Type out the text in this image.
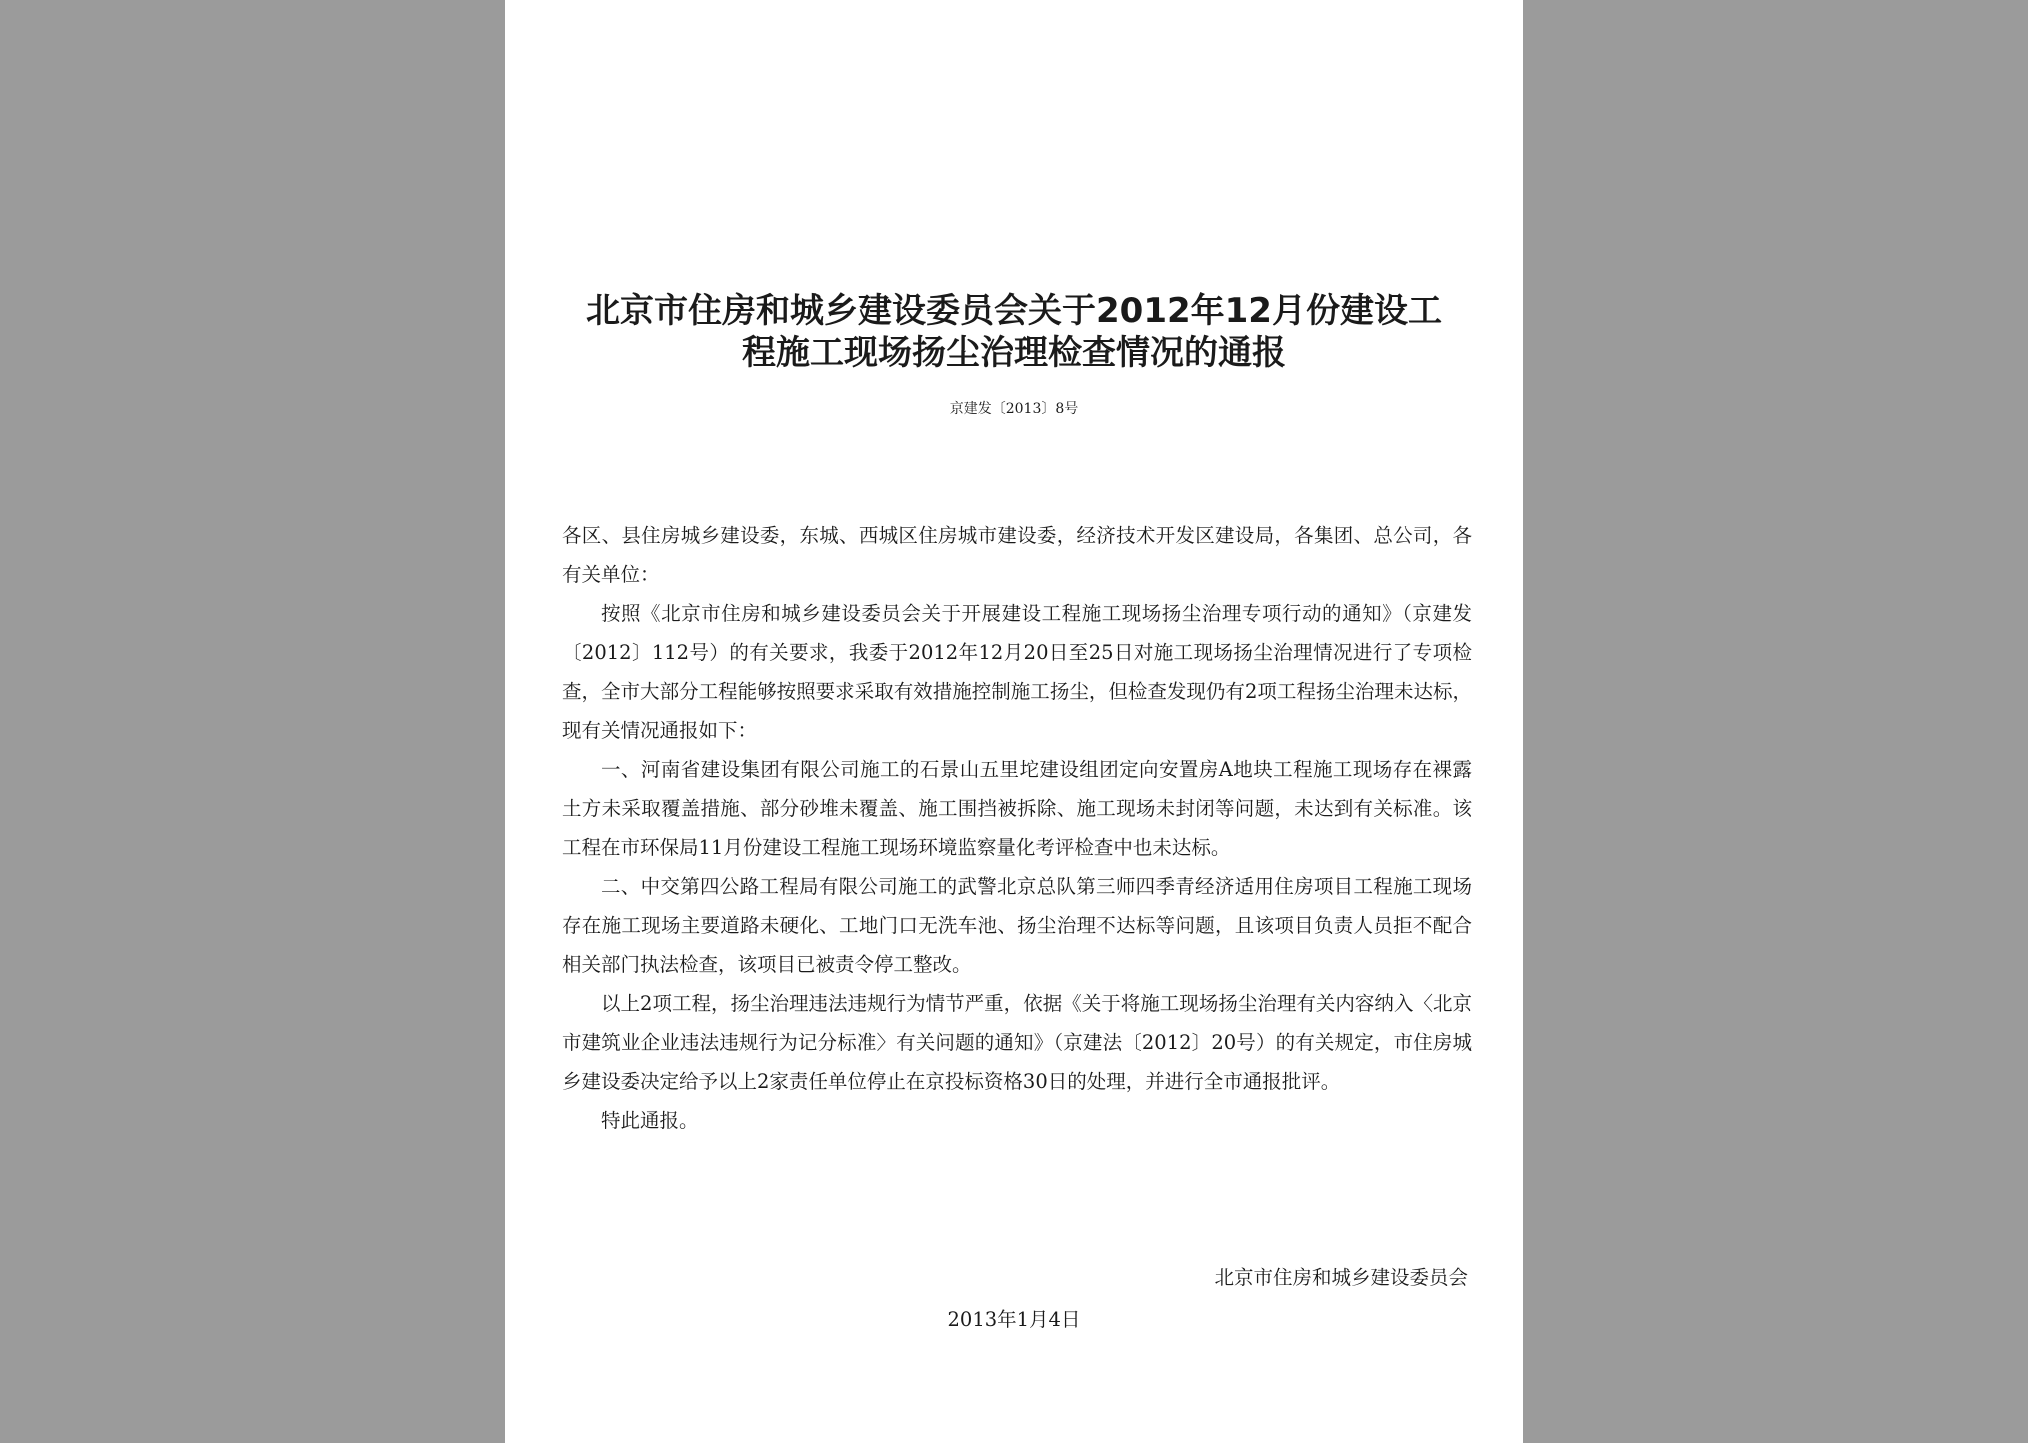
北京市住房和城乡建设委员会关于2012年12月份建设工
程施工现场扬尘治理检查情况的通报
京建发〔2013〕8号

各区、县住房城乡建设委，东城、西城区住房城市建设委，经济技术开发区建设局，各集团、总公司，各有关单位：

按照《北京市住房和城乡建设委员会关于开展建设工程施工现场扬尘治理专项行动的通知》（京建发〔2012〕112号）的有关要求，我委于2012年12月20日至25日对施工现场扬尘治理情况进行了专项检查，全市大部分工程能够按照要求采取有效措施控制施工扬尘，但检查发现仍有2项工程扬尘治理未达标，现有关情况通报如下：

一、河南省建设集团有限公司施工的石景山五里坨建设组团定向安置房A地块工程施工现场存在裸露土方未采取覆盖措施、部分砂堆未覆盖、施工围挡被拆除、施工现场未封闭等问题，未达到有关标准。该工程在市环保局11月份建设工程施工现场环境监察量化考评检查中也未达标。

二、中交第四公路工程局有限公司施工的武警北京总队第三师四季青经济适用住房项目工程施工现场存在施工现场主要道路未硬化、工地门口无洗车池、扬尘治理不达标等问题，且该项目负责人员拒不配合相关部门执法检查，该项目已被责令停工整改。

以上2项工程，扬尘治理违法违规行为情节严重，依据《关于将施工现场扬尘治理有关内容纳入〈北京市建筑业企业违法违规行为记分标准〉有关问题的通知》（京建法〔2012〕20号）的有关规定，市住房城乡建设委决定给予以上2家责任单位停止在京投标资格30日的处理，并进行全市通报批评。

特此通报。

北京市住房和城乡建设委员会
2013年1月4日
